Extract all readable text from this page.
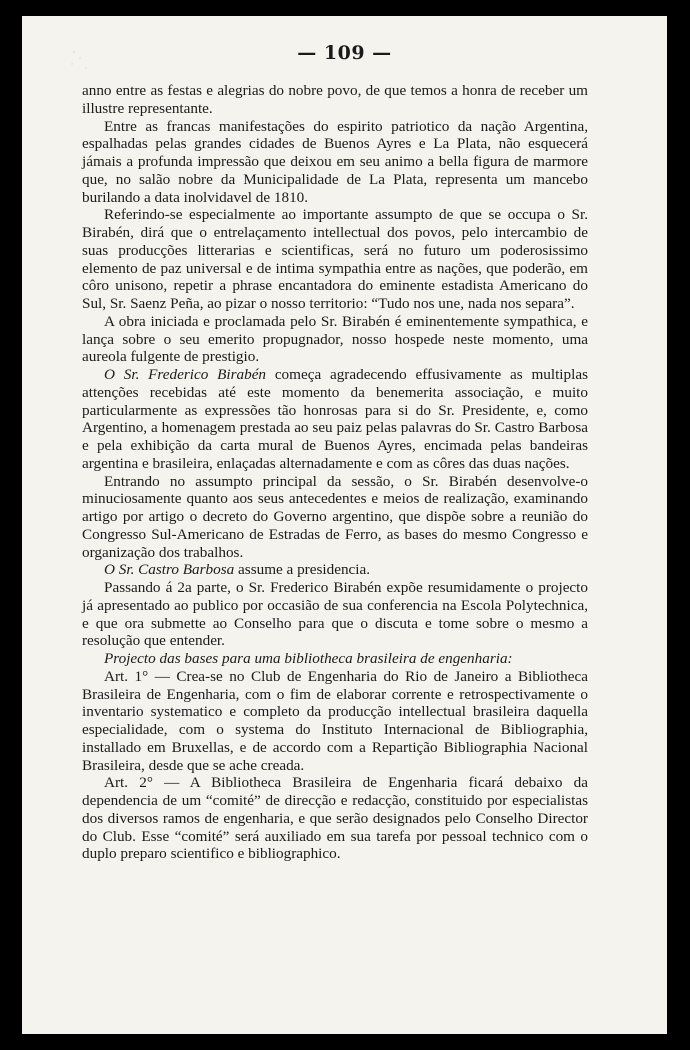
— 109 —

anno entre as festas e alegrias do nobre povo, de que temos a honra de receber um illustre representante.

Entre as francas manifestações do espirito patriotico da nação Argentina, espalhadas pelas grandes cidades de Buenos Ayres e La Plata, não esquecerá jámais a profunda impressão que deixou em seu animo a bella figura de marmore que, no salão nobre da Municipalidade de La Plata, representa um mancebo burilando a data inolvidavel de 1810.

Referindo-se especialmente ao importante assumpto de que se occupa o Sr. Birabén, dirá que o entrelaçamento intellectual dos povos, pelo intercambio de suas producções litterarias e scientificas, será no futuro um poderosissimo elemento de paz universal e de intima sympathia entre as nações, que poderão, em côro unisono, repetir a phrase encantadora do eminente estadista Americano do Sul, Sr. Saenz Peña, ao pizar o nosso territorio: “Tudo nos une, nada nos separa”.

A obra iniciada e proclamada pelo Sr. Birabén é eminentemente sympathica, e lança sobre o seu emerito propugnador, nosso hospede neste momento, uma aureola fulgente de prestigio.

O Sr. Frederico Birabén começa agradecendo effusivamente as multiplas attenções recebidas até este momento da benemerita associação, e muito particularmente as expressões tão honrosas para si do Sr. Presidente, e, como Argentino, a homenagem prestada ao seu paiz pelas palavras do Sr. Castro Barbosa e pela exhibição da carta mural de Buenos Ayres, encimada pelas bandeiras argentina e brasileira, enlaçadas alternadamente e com as côres das duas nações.

Entrando no assumpto principal da sessão, o Sr. Birabén desenvolve-o minuciosamente quanto aos seus antecedentes e meios de realização, examinando artigo por artigo o decreto do Governo argentino, que dispõe sobre a reunião do Congresso Sul-Americano de Estradas de Ferro, as bases do mesmo Congresso e organização dos trabalhos.

O Sr. Castro Barbosa assume a presidencia.

Passando á 2a parte, o Sr. Frederico Birabén expõe resumidamente o projecto já apresentado ao publico por occasião de sua conferencia na Escola Polytechnica, e que ora submette ao Conselho para que o discuta e tome sobre o mesmo a resolução que entender.

Projecto das bases para uma bibliotheca brasileira de engenharia:

Art. 1° — Crea-se no Club de Engenharia do Rio de Janeiro a Bibliotheca Brasileira de Engenharia, com o fim de elaborar corrente e retrospectivamente o inventario systematico e completo da producção intellectual brasileira daquella especialidade, com o systema do Instituto Internacional de Bibliographia, installado em Bruxellas, e de accordo com a Repartição Bibliographia Nacional Brasileira, desde que se ache creada.

Art. 2° — A Bibliotheca Brasileira de Engenharia ficará debaixo da dependencia de um “comité” de direcção e redacção, constituido por especialistas dos diversos ramos de engenharia, e que serão designados pelo Conselho Director do Club. Esse “comité” será auxiliado em sua tarefa por pessoal technico com o duplo preparo scientifico e bibliographico.
